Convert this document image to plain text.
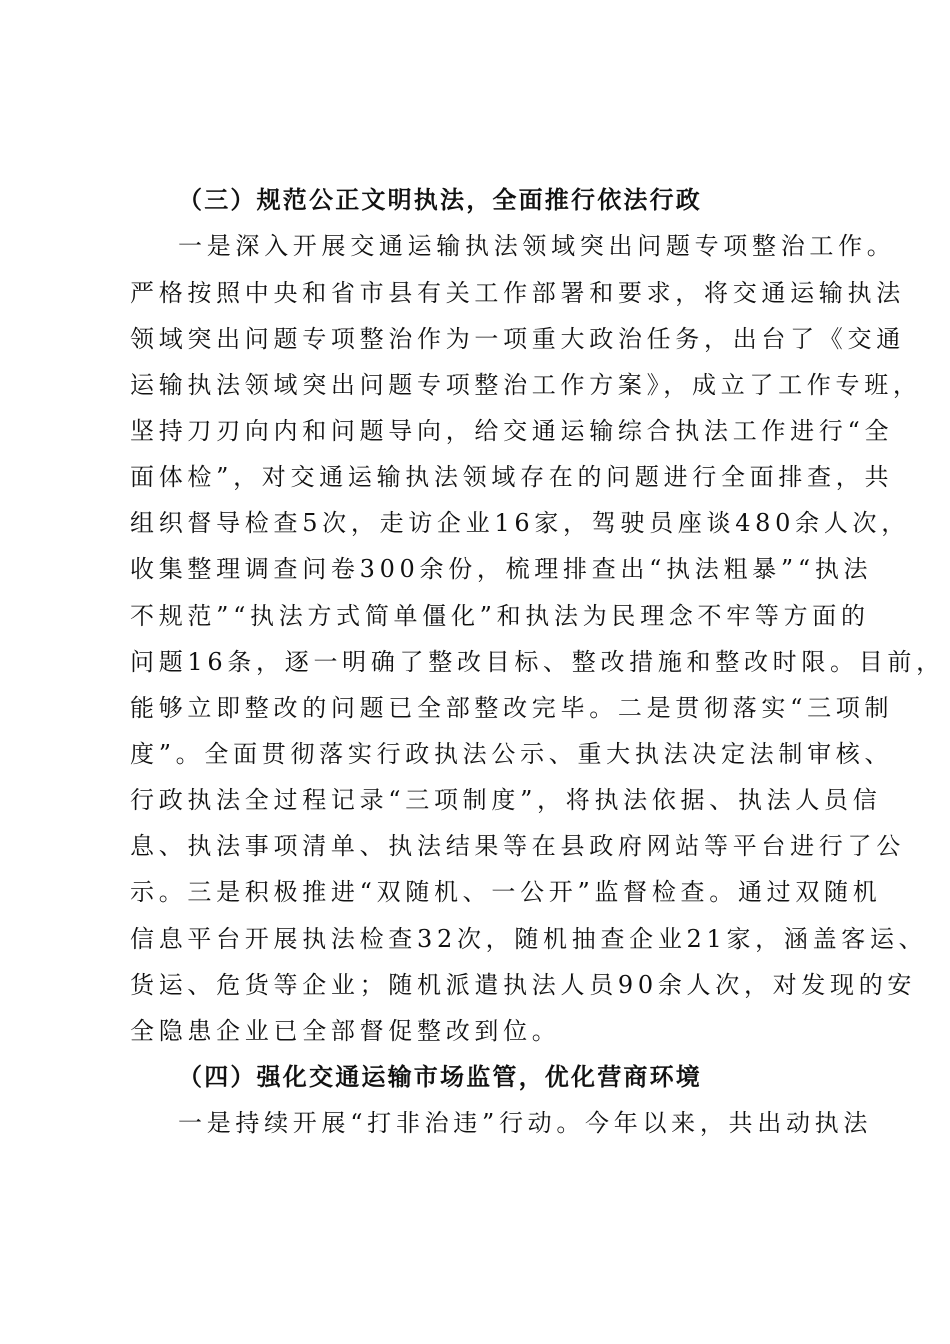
（三）规范公正文明执法，全面推行依法行政
一是深入开展交通运输执法领域突出问题专项整治工作。
严格按照中央和省市县有关工作部署和要求，将交通运输执法
领域突出问题专项整治作为一项重大政治任务，出台了《交通
运输执法领域突出问题专项整治工作方案》，成立了工作专班，
坚持刀刃向内和问题导向，给交通运输综合执法工作进行“全
面体检”，对交通运输执法领域存在的问题进行全面排查，共
组织督导检查5次，走访企业16家，驾驶员座谈480余人次，
收集整理调查问卷300余份，梳理排查出“执法粗暴”“执法
不规范”“执法方式简单僵化”和执法为民理念不牢等方面的
问题16条，逐一明确了整改目标、整改措施和整改时限。目前，
能够立即整改的问题已全部整改完毕。二是贯彻落实“三项制
度”。全面贯彻落实行政执法公示、重大执法决定法制审核、
行政执法全过程记录“三项制度”，将执法依据、执法人员信
息、执法事项清单、执法结果等在县政府网站等平台进行了公
示。三是积极推进“双随机、一公开”监督检查。通过双随机
信息平台开展执法检查32次，随机抽查企业21家，涵盖客运、
货运、危货等企业；随机派遣执法人员90余人次，对发现的安
全隐患企业已全部督促整改到位。
（四）强化交通运输市场监管，优化营商环境
一是持续开展“打非治违”行动。今年以来，共出动执法
